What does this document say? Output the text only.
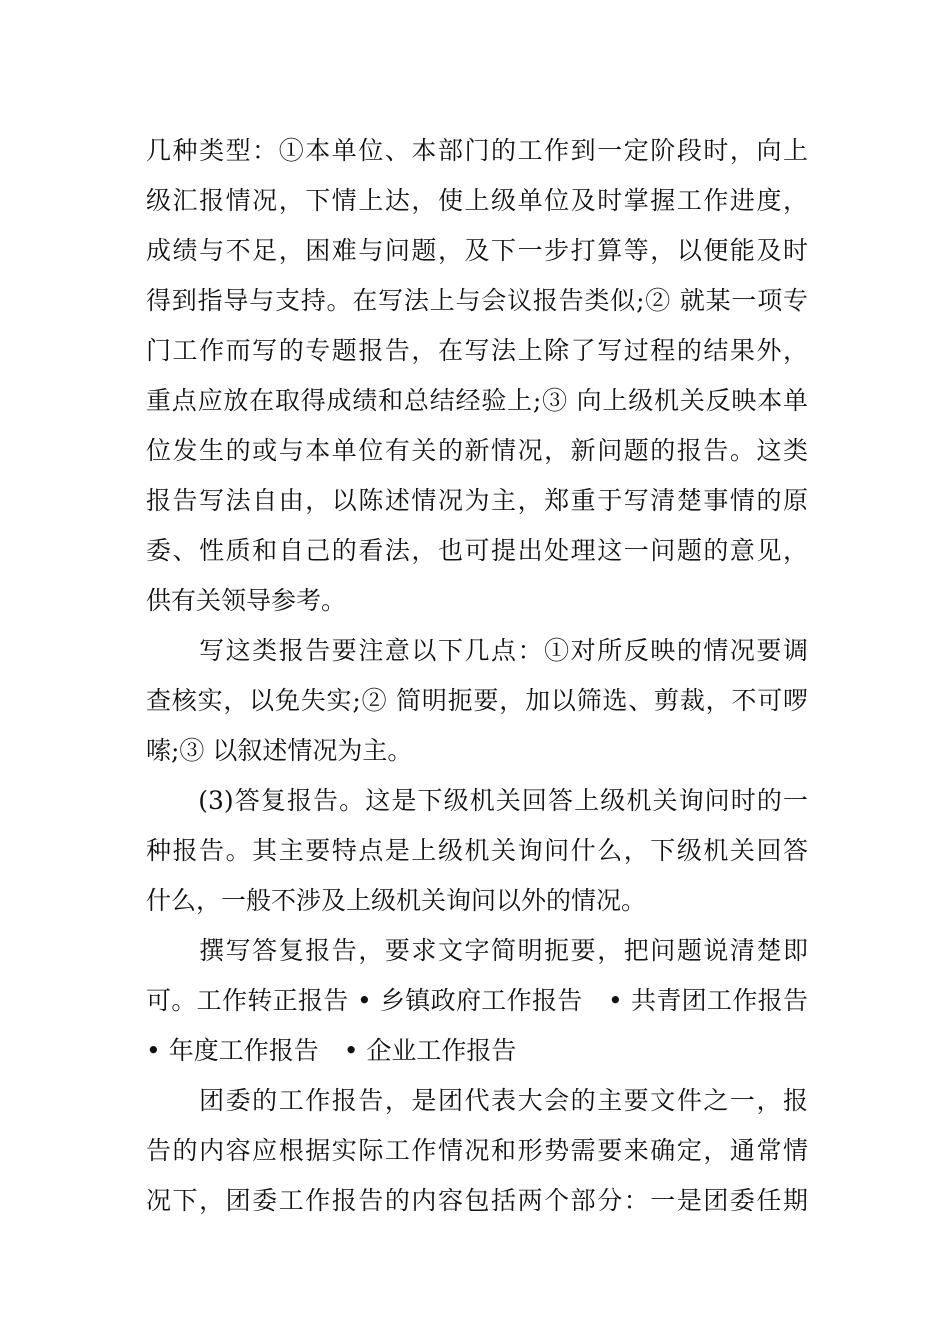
几种类型：①本单位、本部门的工作到一定阶段时，向上
级汇报情况，下情上达，使上级单位及时掌握工作进度，
成绩与不足，困难与问题，及下一步打算等，以便能及时
得到指导与支持。在写法上与会议报告类似;② 就某一项专
门工作而写的专题报告，在写法上除了写过程的结果外，
重点应放在取得成绩和总结经验上;③ 向上级机关反映本单
位发生的或与本单位有关的新情况，新问题的报告。这类
报告写法自由，以陈述情况为主，郑重于写清楚事情的原
委、性质和自己的看法，也可提出处理这一问题的意见，
供有关领导参考。
　　写这类报告要注意以下几点：①对所反映的情况要调
查核实，以免失实;② 简明扼要，加以筛选、剪裁，不可啰
嗦;③ 以叙述情况为主。
　　(3)答复报告。这是下级机关回答上级机关询问时的一
种报告。其主要特点是上级机关询问什么，下级机关回答
什么，一般不涉及上级机关询问以外的情况。
　　撰写答复报告，要求文字简明扼要，把问题说清楚即
可。工作转正报告 • 乡镇政府工作报告　• 共青团工作报告
• 年度工作报告　• 企业工作报告
　　团委的工作报告，是团代表大会的主要文件之一，报
告的内容应根据实际工作情况和形势需要来确定，通常情
况下，团委工作报告的内容包括两个部分：一是团委任期
